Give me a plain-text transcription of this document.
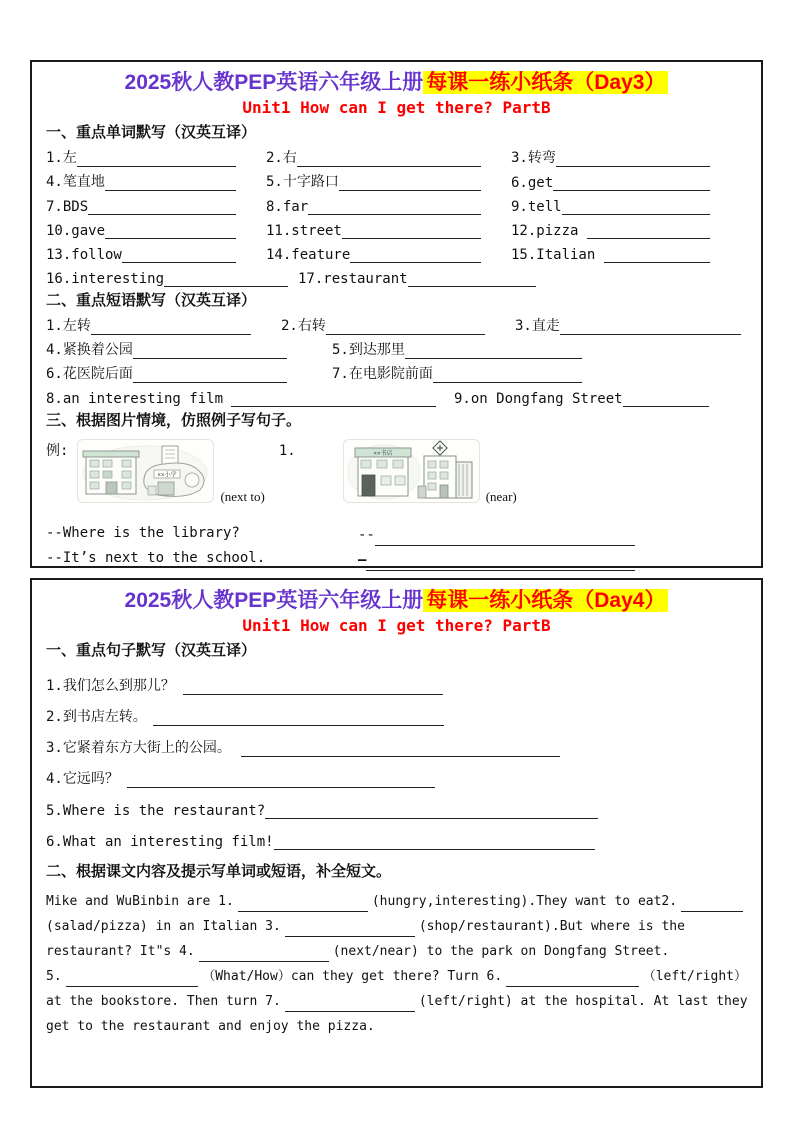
2025秋人教PEP英语六年级上册 每课一练小纸条（Day3）
Unit1 How can I get there? PartB
一、重点单词默写（汉英互译）
1.左	2.右	3.转弯
4.笔直地	5.十字路口	6.get
7.BDS	8.far	9.tell
10.gave	11.street	12.pizza
13.follow	14.feature	15.Italian
16.interesting	17.restaurant
二、重点短语默写（汉英互译）
1.左转	2.右转	3.直走
4.紧换着公园	5.到达那里
6.花医院后面	7.在电影院前面
8.an interesting film	9.on Dongfang Street
三、根据图片情境，仿照例子写句子。
例:
××小学
(next to)
1.	××书店
(near)
--Where is the library?
--It’s next to the school.
--
—
2025秋人教PEP英语六年级上册 每课一练小纸条（Day4）
Unit1 How can I get there? PartB
一、重点句子默写（汉英互译）
1.我们怎么到那儿？
2.到书店左转。
3.它紧着东方大街上的公园。
4.它远吗？
5.Where is the restaurant?
6.What an interesting film!
二、根据课文内容及提示写单词或短语，补全短文。
Mike and WuBinbin are 1.	(hungry,interesting).They want to eat2.
(salad/pizza) in an Italian 3.	(shop/restaurant).But where is the
restaurant? It"s 4.	(next/near) to the park on Dongfang Street.
5.	（What/How）can they get there? Turn 6.	（left/right）
at the bookstore. Then turn 7.	(left/right) at the hospital. At last they
get to the restaurant and enjoy the pizza.
